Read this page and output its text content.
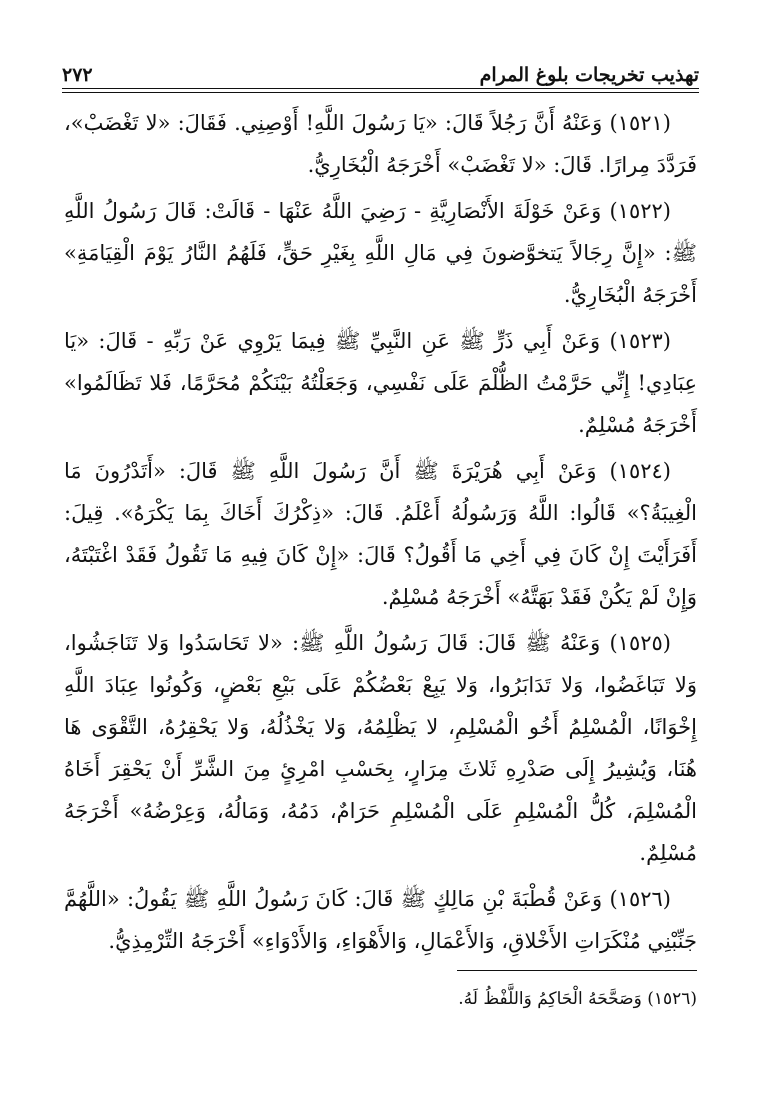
تهذيب تخريجات بلوغ المرام
٢٧٢

(١٥٢١) وَعَنْهُ أَنَّ رَجُلاً قَالَ: «يَا رَسُولَ اللَّهِ! أَوْصِنِي. فَقَالَ: «لا تَغْضَبْ»، فَرَدَّدَ مِرارًا. قَالَ: «لا تَغْضَبْ» أَخْرَجَهُ الْبُخَارِيُّ.

(١٥٢٢) وَعَنْ خَوْلَةَ الأَنْصَارِيَّةِ - رَضِيَ اللَّهُ عَنْهَا - قَالَتْ: قَالَ رَسُولُ اللَّهِ ﷺ: «إِنَّ رِجَالاً يَتخوَّضونَ فِي مَالِ اللَّهِ بِغَيْرِ حَقٍّ، فَلَهُمُ النَّارُ يَوْمَ الْقِيَامَةِ» أَخْرَجَهُ الْبُخَارِيُّ.

(١٥٢٣) وَعَنْ أَبِي ذَرٍّ ﷺ عَنِ النَّبِيِّ ﷺ فِيمَا يَرْوِي عَنْ رَبِّهِ - قَالَ: «يَا عِبَادِي! إِنِّي حَرَّمْتُ الظُّلْمَ عَلَى نَفْسِي، وَجَعَلْتُهُ بَيْنَكُمْ مُحَرَّمًا، فَلا تَظَالَمُوا» أَخْرَجَهُ مُسْلِمٌ.

(١٥٢٤) وَعَنْ أَبِي هُرَيْرَةَ ﷺ أَنَّ رَسُولَ اللَّهِ ﷺ قَالَ: «أَتَدْرُونَ مَا الْغِيبَةُ؟» قَالُوا: اللَّهُ وَرَسُولُهُ أَعْلَمُ. قَالَ: «ذِكْرُكَ أَخَاكَ بِمَا يَكْرَهُ». قِيلَ: أَفَرَأَيْتَ إِنْ كَانَ فِي أَخِي مَا أَقُولُ؟ قَالَ: «إِنْ كَانَ فِيهِ مَا تَقُولُ فَقَدْ اغْتَبْتَهُ، وَإِنْ لَمْ يَكُنْ فَقَدْ بَهَتَّهُ» أَخْرَجَهُ مُسْلِمٌ.

(١٥٢٥) وَعَنْهُ ﷺ قَالَ: قَالَ رَسُولُ اللَّهِ ﷺ: «لا تَحَاسَدُوا وَلا تَنَاجَشُوا، وَلا تَبَاغَضُوا، وَلا تَدَابَرُوا، وَلا يَبِعْ بَعْضُكُمْ عَلَى بَيْعِ بَعْضٍ، وَكُونُوا عِبَادَ اللَّهِ إِخْوَانًا، الْمُسْلِمُ أَخُو الْمُسْلِمِ، لا يَظْلِمُهُ، وَلا يَخْذُلُهُ، وَلا يَحْقِرُهُ، التَّقْوَى هَا هُنَا، وَيُشِيرُ إِلَى صَدْرِهِ ثَلاثَ مِرَارٍ، بِحَسْبِ امْرِئٍ مِنَ الشَّرِّ أَنْ يَحْقِرَ أَخَاهُ الْمُسْلِمَ، كُلُّ الْمُسْلِمِ عَلَى الْمُسْلِمِ حَرَامٌ، دَمُهُ، وَمَالُهُ، وَعِرْضُهُ» أَخْرَجَهُ مُسْلِمٌ.

(١٥٢٦) وَعَنْ قُطْبَةَ بْنِ مَالِكٍ ﷺ قَالَ: كَانَ رَسُولُ اللَّهِ ﷺ يَقُولُ: «اللَّهُمَّ جَنِّبْنِي مُنْكَرَاتِ الأَخْلاقِ، وَالأَعْمَالِ، وَالأَهْوَاءِ، وَالأَدْوَاءِ» أَخْرَجَهُ التِّرْمِذِيُّ.

(١٥٢٦) وَصَحَّحَهُ الْحَاكِمُ وَاللَّفْظُ لَهُ.
